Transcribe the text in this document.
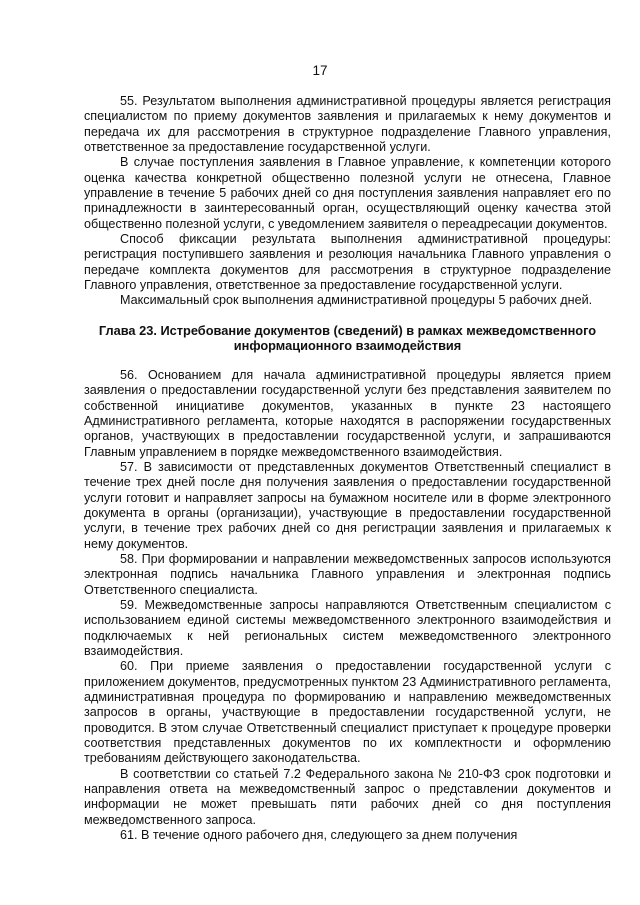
17

55. Результатом выполнения административной процедуры является регистрация специалистом по приему документов заявления и прилагаемых к нему документов и передача их для рассмотрения в структурное подразделение Главного управления, ответственное за предоставление государственной услуги.

В случае поступления заявления в Главное управление, к компетенции которого оценка качества конкретной общественно полезной услуги не отнесена, Главное управление в течение 5 рабочих дней со дня поступления заявления направляет его по принадлежности в заинтересованный орган, осуществляющий оценку качества этой общественно полезной услуги, с уведомлением заявителя о переадресации документов.

Способ фиксации результата выполнения административной процедуры: регистрация поступившего заявления и резолюция начальника Главного управления о передаче комплекта документов для рассмотрения в структурное подразделение Главного управления, ответственное за предоставление государственной услуги.

Максимальный срок выполнения административной процедуры 5 рабочих дней.

Глава 23. Истребование документов (сведений) в рамках межведомственного информационного взаимодействия

56. Основанием для начала административной процедуры является прием заявления о предоставлении государственной услуги без представления заявителем по собственной инициативе документов, указанных в пункте 23 настоящего Административного регламента, которые находятся в распоряжении государственных органов, участвующих в предоставлении государственной услуги, и запрашиваются Главным управлением в порядке межведомственного взаимодействия.

57. В зависимости от представленных документов Ответственный специалист в течение трех дней после дня получения заявления о предоставлении государственной услуги готовит и направляет запросы на бумажном носителе или в форме электронного документа в органы (организации), участвующие в предоставлении государственной услуги, в течение трех рабочих дней со дня регистрации заявления и прилагаемых к нему документов.

58. При формировании и направлении межведомственных запросов используются электронная подпись начальника Главного управления и электронная подпись Ответственного специалиста.

59. Межведомственные запросы направляются Ответственным специалистом с использованием единой системы межведомственного электронного взаимодействия и подключаемых к ней региональных систем межведомственного электронного взаимодействия.

60. При приеме заявления о предоставлении государственной услуги с приложением документов, предусмотренных пунктом 23 Административного регламента, административная процедура по формированию и направлению межведомственных запросов в органы, участвующие в предоставлении государственной услуги, не проводится. В этом случае Ответственный специалист приступает к процедуре проверки соответствия представленных документов по их комплектности и оформлению требованиям действующего законодательства.

В соответствии со статьей 7.2 Федерального закона № 210-ФЗ срок подготовки и направления ответа на межведомственный запрос о представлении документов и информации не может превышать пяти рабочих дней со дня поступления межведомственного запроса.

61. В течение одного рабочего дня, следующего за днем получения
